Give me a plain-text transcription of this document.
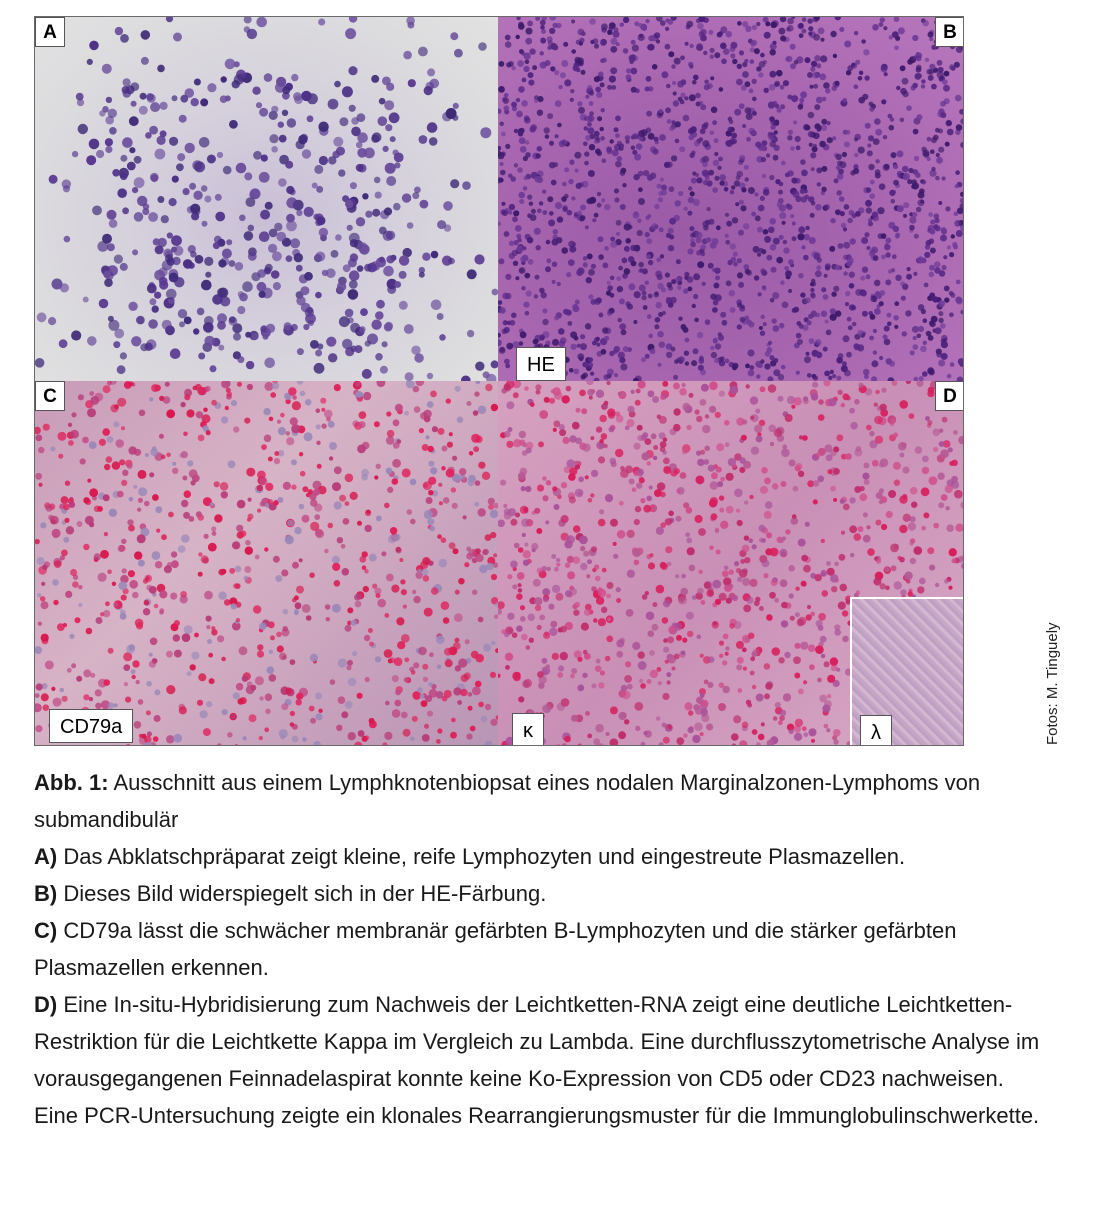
A	B
HE
C
CD79a
D
κ	λ	Fotos: M. Tinguely

Abb. 1: Ausschnitt aus einem Lymphknotenbiopsat eines nodalen Marginalzonen-Lymphoms von submandibulär

A) Das Abklatschpräparat zeigt kleine, reife Lymphozyten und eingestreute Plasmazellen.

B) Dieses Bild widerspiegelt sich in der HE-Färbung.

C) CD79a lässt die schwächer membranär gefärbten B-Lymphozyten und die stärker gefärbten Plasmazellen erkennen.

D) Eine In-situ-Hybridisierung zum Nachweis der Leichtketten-RNA zeigt eine deutliche Leichtketten-Restriktion für die Leichtkette Kappa im Vergleich zu Lambda. Eine durchflusszytometrische Analyse im vorausgegangenen Feinnadelaspirat konnte keine Ko-Expression von CD5 oder CD23 nachweisen. Eine PCR-Untersuchung zeigte ein klonales Rearrangierungsmuster für die Immunglobulinschwerkette.
